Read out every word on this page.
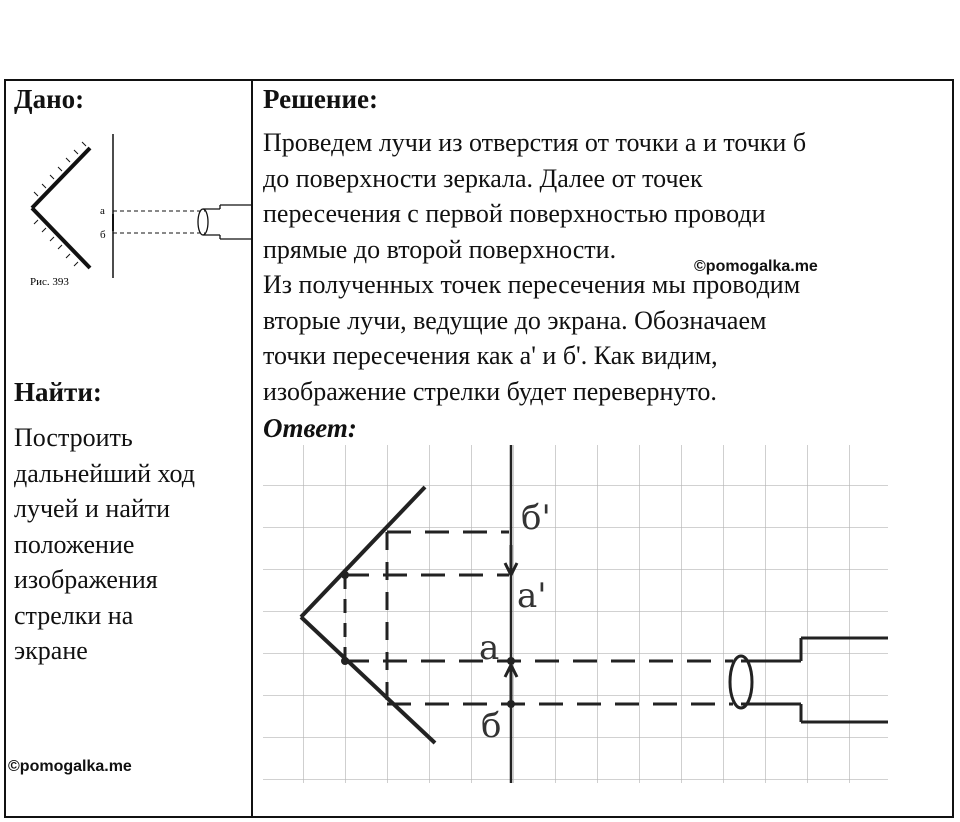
Дано:
а
б
Рис. 393
Найти:
Построить
дальнейший ход
лучей и найти
положение
изображения
стрелки на
экране
©pomogalka.me
Решение:
Проведем лучи из отверстия от точки а и точки б
до поверхности зеркала. Далее от точек
пересечения с первой поверхностью проводи
прямые до второй поверхности.
Из полученных точек пересечения мы проводим
вторые лучи, ведущие до экрана. Обозначаем
точки пересечения как а' и б'. Как видим,
изображение стрелки будет перевернуто.
©pomogalka.me
Ответ:
б'
а'
а
б
